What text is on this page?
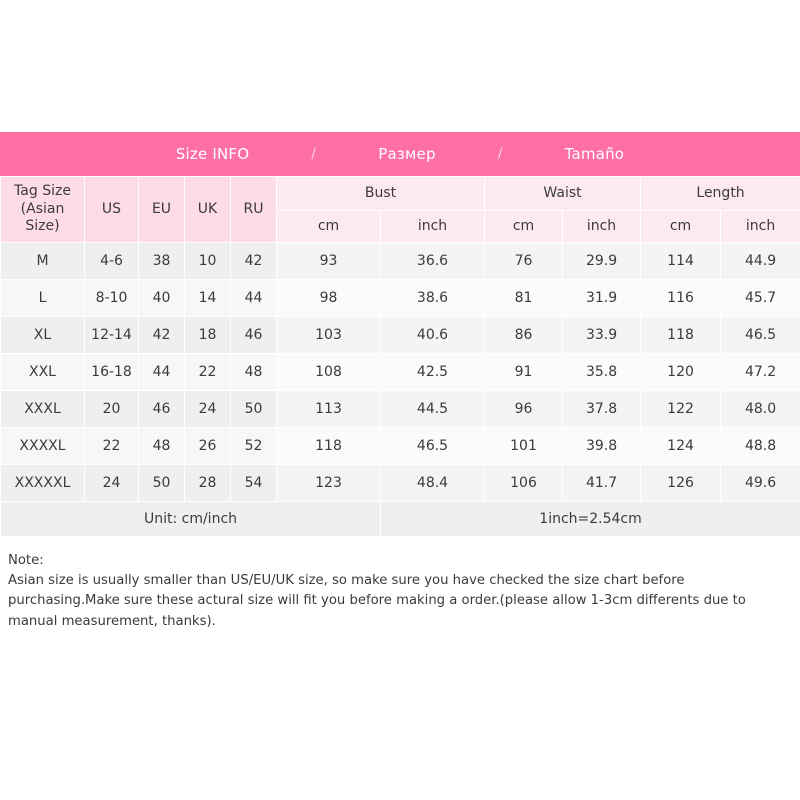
Size INFO	/	Размер	/	Tamaño
Tag Size
(Asian Size)	US	EU	UK	RU	Bust		Waist		Length	
					cm	inch	cm	inch	cm	inch
M	4-6	38	10	42	93	36.6	76	29.9	114	44.9
L	8-10	40	14	44	98	38.6	81	31.9	116	45.7
XL	12-14	42	18	46	103	40.6	86	33.9	118	46.5
XXL	16-18	44	22	48	108	42.5	91	35.8	120	47.2
XXXL	20	46	24	50	113	44.5	96	37.8	122	48.0
XXXXL	22	48	26	52	118	46.5	101	39.8	124	48.8
XXXXXL	24	50	28	54	123	48.4	106	41.7	126	49.6
Unit: cm/inch						1inch=2.54cm				
Note:

Asian size is usually smaller than US/EU/UK size, so make sure you have checked the size chart before purchasing.Make sure these actural size will fit you before making a order.(please allow 1-3cm differents due to manual measurement, thanks).
